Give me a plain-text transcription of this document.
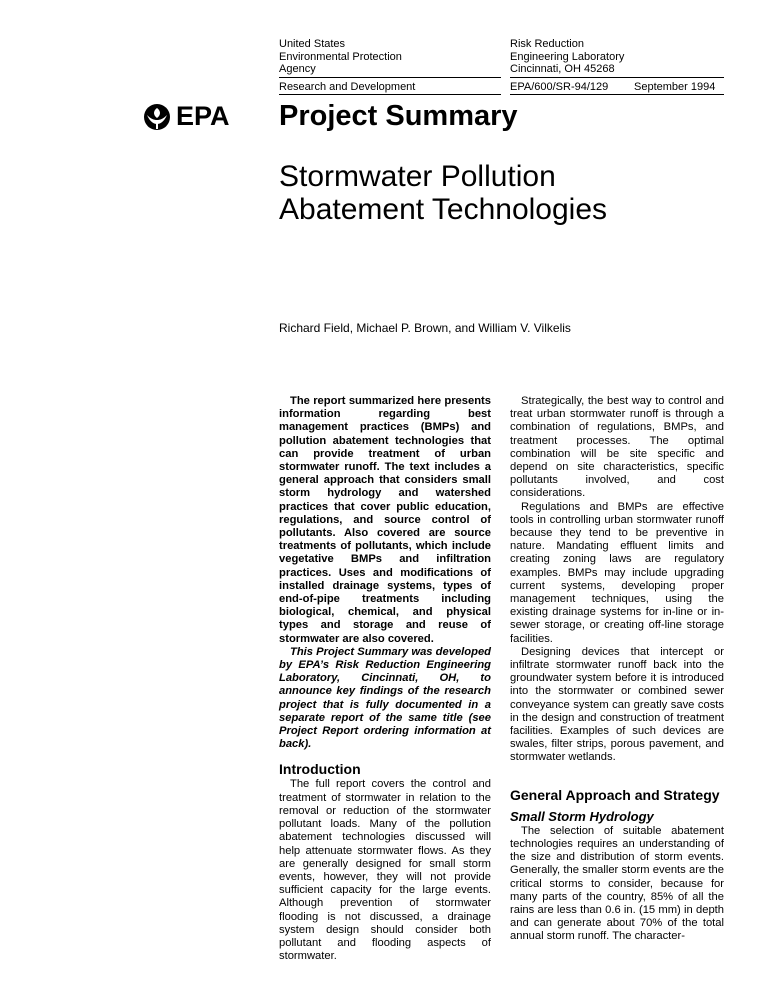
United States
Environmental Protection
Agency
Risk Reduction
Engineering Laboratory
Cincinnati, OH 45268
Research and Development	EPA/600/SR-94/129 September 1994
EPA Project Summary
Stormwater Pollution
Abatement Technologies
Richard Field, Michael P. Brown, and William V. Vilkelis

The report summarized here presents information regarding best management practices (BMPs) and pollution abatement technologies that can provide treatment of urban stormwater runoff. The text includes a general approach that considers small storm hydrology and watershed practices that cover public education, regulations, and source control of pollutants. Also covered are source treatments of pollutants, which include vegetative BMPs and infiltration practices. Uses and modifications of installed drainage systems, types of end-of-pipe treatments including biological, chemical, and physical types and storage and reuse of stormwater are also covered.

This Project Summary was developed by EPA’s Risk Reduction Engineering Laboratory, Cincinnati, OH, to announce key findings of the research project that is fully documented in a separate report of the same title (see Project Report ordering information at back).

Introduction

The full report covers the control and treatment of stormwater in relation to the removal or reduction of the stormwater pollutant loads. Many of the pollution abatement technologies discussed will help attenuate stormwater flows. As they are generally designed for small storm events, however, they will not provide sufficient capacity for the large events. Although prevention of stormwater flooding is not discussed, a drainage system design should consider both pollutant and flooding aspects of stormwater.

Strategically, the best way to control and treat urban stormwater runoff is through a combination of regulations, BMPs, and treatment processes. The optimal combination will be site specific and depend on site characteristics, specific pollutants involved, and cost considerations.

Regulations and BMPs are effective tools in controlling urban stormwater runoff because they tend to be preventive in nature. Mandating effluent limits and creating zoning laws are regulatory examples. BMPs may include upgrading current systems, developing proper management techniques, using the existing drainage systems for in-line or in-sewer storage, or creating off-line storage facilities.

Designing devices that intercept or infiltrate stormwater runoff back into the groundwater system before it is introduced into the stormwater or combined sewer conveyance system can greatly save costs in the design and construction of treatment facilities. Examples of such devices are swales, filter strips, porous pavement, and stormwater wetlands.

General Approach and Strategy
Small Storm Hydrology

The selection of suitable abatement technologies requires an understanding of the size and distribution of storm events. Generally, the smaller storm events are the critical storms to consider, because for many parts of the country, 85% of all the rains are less than 0.6 in. (15 mm) in depth and can generate about 70% of the total annual storm runoff. The character-
